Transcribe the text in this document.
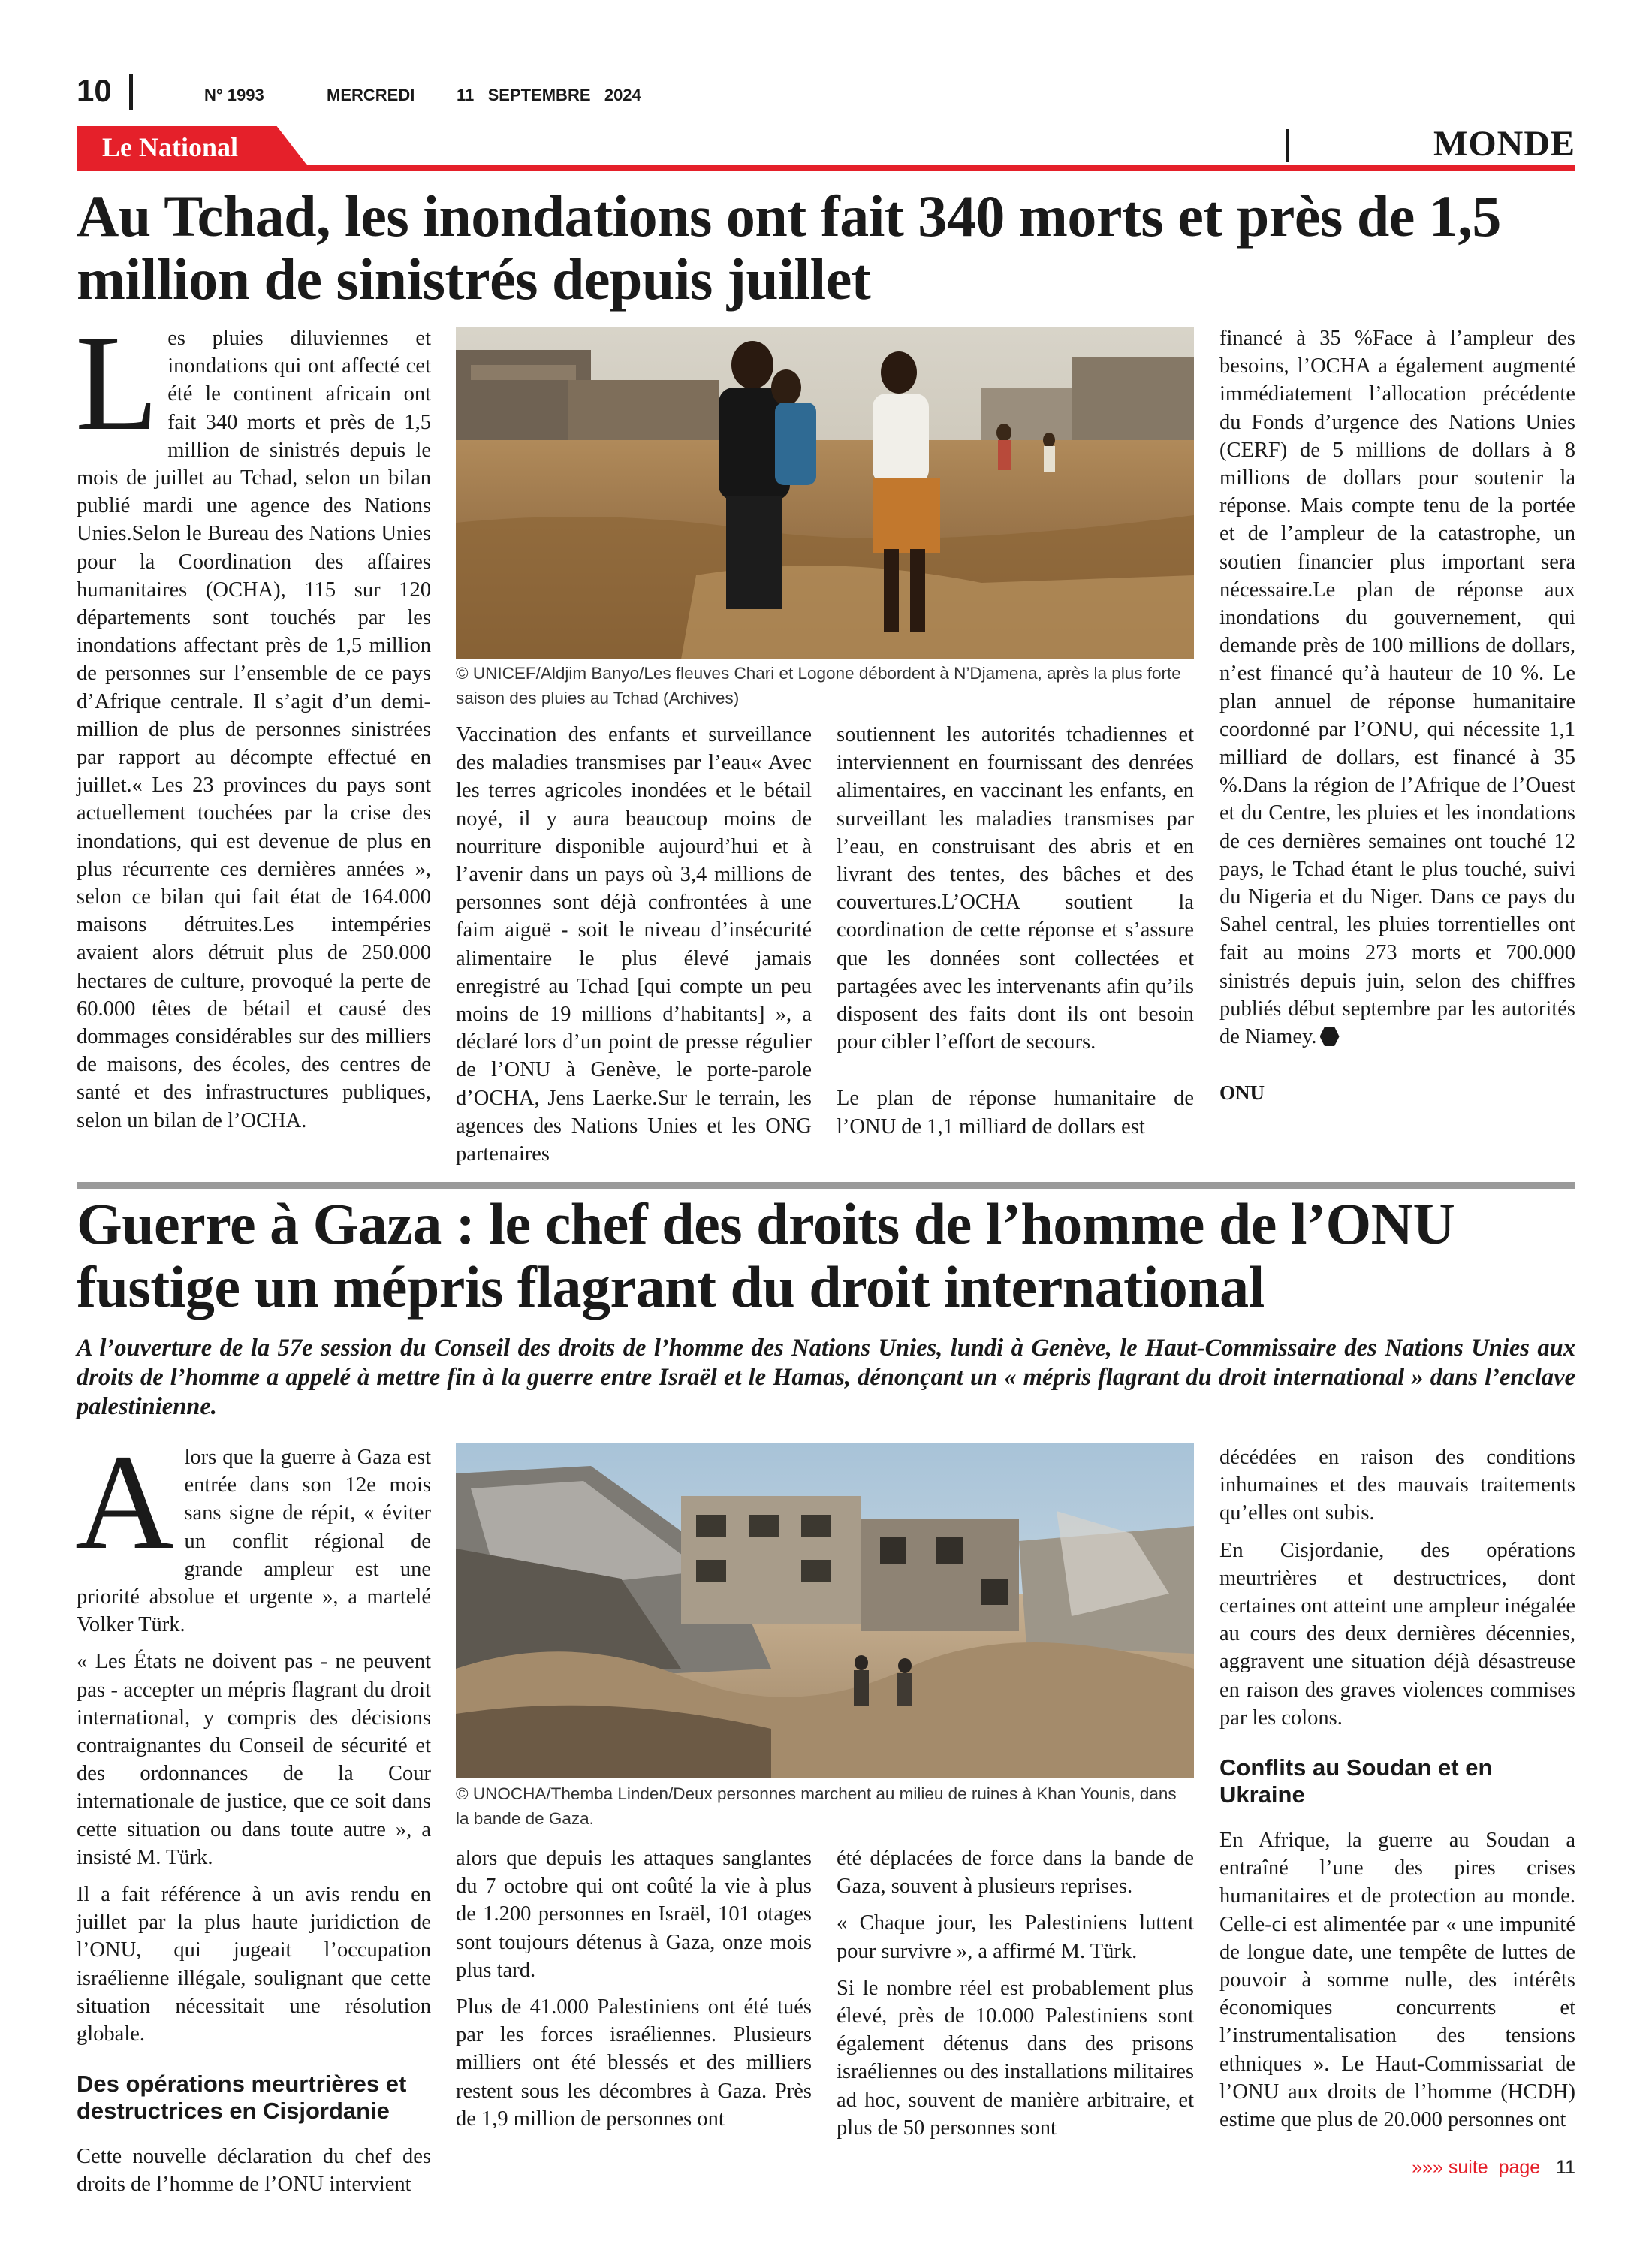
10	N° 1993	MERCREDI	11   SEPTEMBRE   2024
Le National	MONDE
Au Tchad, les inondations ont fait 340 morts et près de 1,5 million de sinistrés depuis juillet
L es pluies diluviennes et inondations qui ont affecté cet été le continent africain ont fait 340 morts et près de 1,5 million de sinistrés depuis le mois de juillet au Tchad, selon un bilan publié mardi une agence des Nations Unies.Selon le Bureau des Nations Unies pour la Coordination des affaires humanitaires (OCHA), 115 sur 120 départements sont touchés par les inondations affectant près de 1,5 million de personnes sur l’ensemble de ce pays d’Afrique centrale. Il s’agit d’un demi-million de plus de personnes sinistrées par rapport au décompte effectué en juillet.« Les 23 provinces du pays sont actuellement touchées par la crise des inondations, qui est devenue de plus en plus récurrente ces dernières années », selon ce bilan qui fait état de 164.000 maisons détruites.Les intempéries avaient alors détruit plus de 250.000 hectares de culture, provoqué la perte de 60.000 têtes de bétail et causé des dommages considérables sur des milliers de maisons, des écoles, des centres de santé et des infrastructures publiques, selon un bilan de l’OCHA.

© UNICEF/Aldjim Banyo/Les fleuves Chari et Logone débordent à N’Djamena, après la plus forte saison des pluies au Tchad (Archives)

Vaccination des enfants et surveillance des maladies transmises par l’eau« Avec les terres agricoles inondées et le bétail noyé, il y aura beaucoup moins de nourriture disponible aujourd’hui et à l’avenir dans un pays où 3,4 millions de personnes sont déjà confrontées à une faim aiguë - soit le niveau d’insécurité alimentaire le plus élevé jamais enregistré au Tchad [qui compte un peu moins de 19 millions d’habitants] », a déclaré lors d’un point de presse régulier de l’ONU à Genève, le porte-parole d’OCHA, Jens Laerke.Sur le terrain, les agences des Nations Unies et les ONG partenaires

soutiennent les autorités tchadiennes et interviennent en fournissant des denrées alimentaires, en vaccinant les enfants, en surveillant les maladies transmises par l’eau, en construisant des abris et en livrant des tentes, des bâches et des couvertures.L’OCHA soutient la coordination de cette réponse et s’assure que les données sont collectées et partagées avec les intervenants afin qu’ils disposent des faits dont ils ont besoin pour cibler l’effort de secours.

Le plan de réponse humanitaire de l’ONU de 1,1 milliard de dollars est

financé à 35 %Face à l’ampleur des besoins, l’OCHA a également augmenté immédiatement l’allocation précédente du Fonds d’urgence des Nations Unies (CERF) de 5 millions de dollars à 8 millions de dollars pour soutenir la réponse. Mais compte tenu de la portée et de l’ampleur de la catastrophe, un soutien financier plus important sera nécessaire.Le plan de réponse aux inondations du gouvernement, qui demande près de 100 millions de dollars, n’est financé qu’à hauteur de 10 %. Le plan annuel de réponse humanitaire coordonné par l’ONU, qui nécessite 1,1 milliard de dollars, est financé à 35 %.Dans la région de l’Afrique de l’Ouest et du Centre, les pluies et les inondations de ces dernières semaines ont touché 12 pays, le Tchad étant le plus touché, suivi du Nigeria et du Niger. Dans ce pays du Sahel central, les pluies torrentielles ont fait au moins 273 morts et 700.000 sinistrés depuis juin, selon des chiffres publiés début septembre par les autorités de Niamey.

ONU

Guerre à Gaza : le chef des droits de l’homme de l’ONU fustige un mépris flagrant du droit international
A l’ouverture de la 57e session du Conseil des droits de l’homme des Nations Unies, lundi à Genève, le Haut-Commissaire des Nations Unies aux droits de l’homme a appelé à mettre fin à la guerre entre Israël et le Hamas, dénonçant un « mépris flagrant du droit international » dans l’enclave palestinienne.
A lors que la guerre à Gaza est entrée dans son 12e mois sans signe de répit, « éviter un conflit régional de grande ampleur est une priorité absolue et urgente », a martelé Volker Türk.

« Les États ne doivent pas - ne peuvent pas - accepter un mépris flagrant du droit international, y compris des décisions contraignantes du Conseil de sécurité et des ordonnances de la Cour internationale de justice, que ce soit dans cette situation ou dans toute autre », a insisté M. Türk.

Il a fait référence à un avis rendu en juillet par la plus haute juridiction de l’ONU, qui jugeait l’occupation israélienne illégale, soulignant que cette situation nécessitait une résolution globale.

Des opérations meurtrières et destructrices en Cisjordanie

Cette nouvelle déclaration du chef des droits de l’homme de l’ONU intervient

© UNOCHA/Themba Linden/Deux personnes marchent au milieu de ruines à Khan Younis, dans la bande de Gaza.

alors que depuis les attaques sanglantes du 7 octobre qui ont coûté la vie à plus de 1.200 personnes en Israël, 101 otages sont toujours détenus à Gaza, onze mois plus tard.

Plus de 41.000 Palestiniens ont été tués par les forces israéliennes. Plusieurs milliers ont été blessés et des milliers restent sous les décombres à Gaza. Près de 1,9 million de personnes ont

été déplacées de force dans la bande de Gaza, souvent à plusieurs reprises.

« Chaque jour, les Palestiniens luttent pour survivre », a affirmé M. Türk.

Si le nombre réel est probablement plus élevé, près de 10.000 Palestiniens sont également détenus dans des prisons israéliennes ou des installations militaires ad hoc, souvent de manière arbitraire, et plus de 50 personnes sont

décédées en raison des conditions inhumaines et des mauvais traitements qu’elles ont subis.

En Cisjordanie, des opérations meurtrières et destructrices, dont certaines ont atteint une ampleur inégalée au cours des deux dernières décennies, aggravent une situation déjà désastreuse en raison des graves violences commises par les colons.

Conflits au Soudan et en Ukraine

En Afrique, la guerre au Soudan a entraîné l’une des pires crises humanitaires et de protection au monde. Celle-ci est alimentée par « une impunité de longue date, une tempête de luttes de pouvoir à somme nulle, des intérêts économiques concurrents et l’instrumentalisation des tensions ethniques ». Le Haut-Commissariat de l’ONU aux droits de l’homme (HCDH) estime que plus de 20.000 personnes ont

»»» suite  page 11
